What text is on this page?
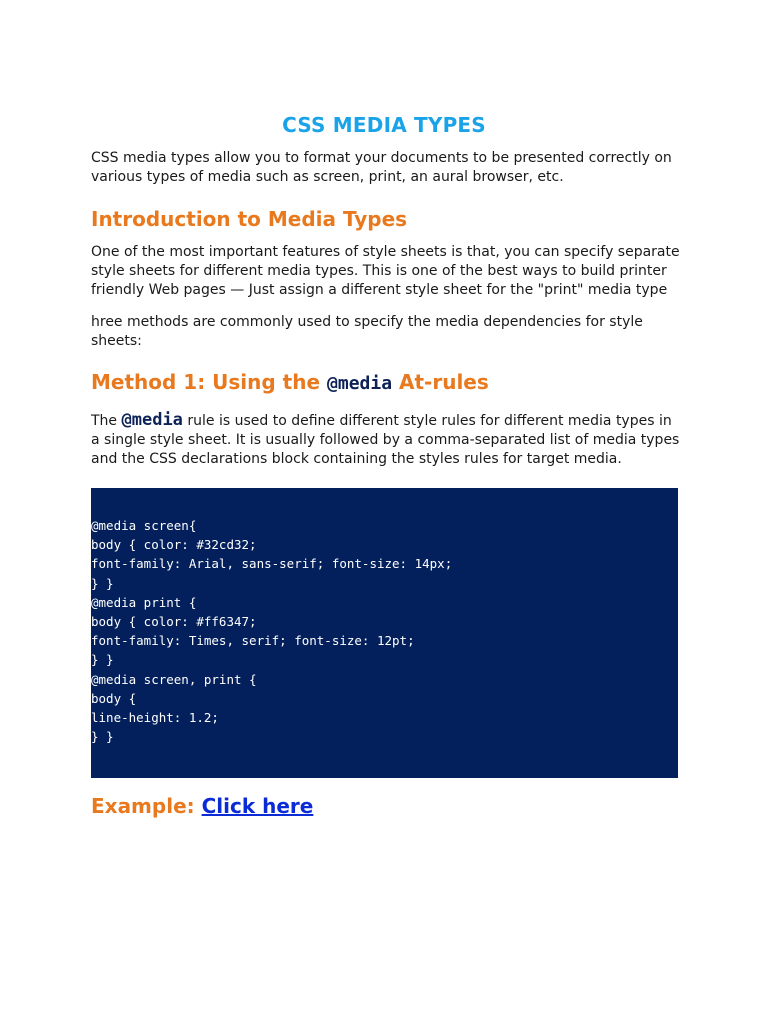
CSS MEDIA TYPES

CSS media types allow you to format your documents to be presented correctly on various types of media such as screen, print, an aural browser, etc.

Introduction to Media Types

One of the most important features of style sheets is that, you can specify separate style sheets for different media types. This is one of the best ways to build printer friendly Web pages — Just assign a different style sheet for the "print" media type

hree methods are commonly used to specify the media dependencies for style sheets:

Method 1: Using the @media At-rules

The @media rule is used to define different style rules for different media types in a single style sheet. It is usually followed by a comma-separated list of media types and the CSS declarations block containing the styles rules for target media.

@media screen{
body { color: #32cd32;
font-family: Arial, sans-serif; font-size: 14px;
} }
@media print {
body { color: #ff6347;
font-family: Times, serif; font-size: 12pt;
} }
@media screen, print {
body {
line-height: 1.2;
} }
Example: Click here
